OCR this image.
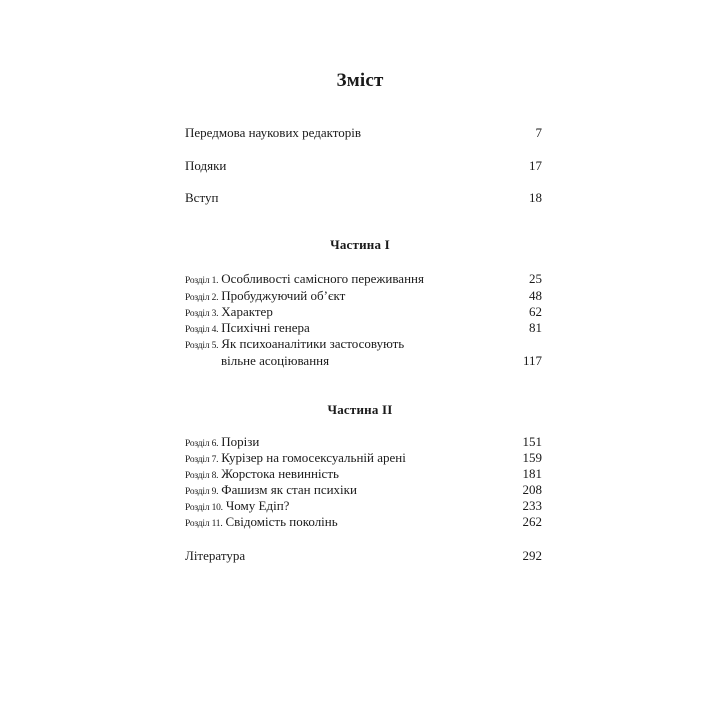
Зміст
Передмова наукових редакторів	7
Подяки	17
Вступ	18
Частина I
Розділ 1. Особливості самісного переживання	25
Розділ 2. Пробуджуючий об’єкт	48
Розділ 3. Характер	62
Розділ 4. Психічні генера	81
Розділ 5. Як психоаналітики застосовують
вільне асоціювання	117
Частина II
Розділ 6. Порізи	151
Розділ 7. Курізер на гомосексуальній арені	159
Розділ 8. Жорстока невинність	181
Розділ 9. Фашизм як стан психіки	208
Розділ 10. Чому Едіп?	233
Розділ 11. Свідомість поколінь	262
Література	292
